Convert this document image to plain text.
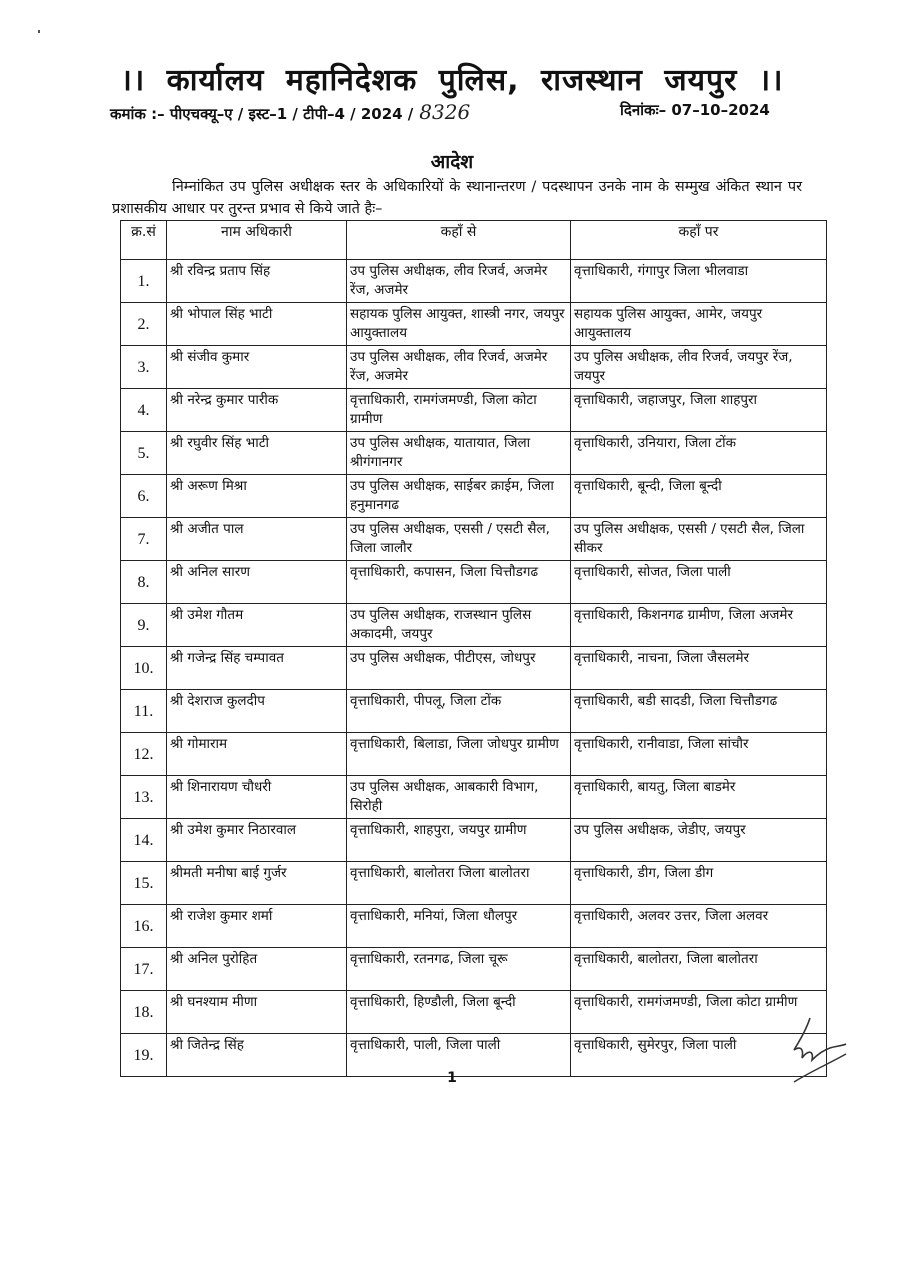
।। कार्यालय महानिदेशक पुलिस, राजस्थान जयपुर ।।
कमांक :– पीएचक्यू–ए / इस्ट–1 / टीपी–4 / 2024 / 8326	दिनांकः– 07–10–2024
आदेश
निम्नांकित उप पुलिस अधीक्षक स्तर के अधिकारियों के स्थानान्तरण / पदस्थापन उनके नाम के सम्मुख अंकित स्थान पर प्रशासकीय आधार पर तुरन्त प्रभाव से किये जाते हैः–
क्र.सं	नाम अधिकारी	कहाँ से	कहाँ पर
1.	श्री रविन्द्र प्रताप सिंह	उप पुलिस अधीक्षक, लीव रिजर्व, अजमेर रेंज, अजमेर	वृत्ताधिकारी, गंगापुर जिला भीलवाडा
2.	श्री भोपाल सिंह भाटी	सहायक पुलिस आयुक्त, शास्त्री नगर, जयपुर आयुक्तालय	सहायक पुलिस आयुक्त, आमेर, जयपुर आयुक्तालय
3.	श्री संजीव कुमार	उप पुलिस अधीक्षक, लीव रिजर्व, अजमेर रेंज, अजमेर	उप पुलिस अधीक्षक, लीव रिजर्व, जयपुर रेंज, जयपुर
4.	श्री नरेन्द्र कुमार पारीक	वृत्ताधिकारी, रामगंजमण्डी, जिला कोटा ग्रामीण	वृत्ताधिकारी, जहाजपुर, जिला शाहपुरा
5.	श्री रघुवीर सिंह भाटी	उप पुलिस अधीक्षक, यातायात, जिला श्रीगंगानगर	वृत्ताधिकारी, उनियारा, जिला टोंक
6.	श्री अरूण मिश्रा	उप पुलिस अधीक्षक, साईबर क्राईम, जिला हनुमानगढ	वृत्ताधिकारी, बून्दी, जिला बून्दी
7.	श्री अजीत पाल	उप पुलिस अधीक्षक, एससी / एसटी सैल, जिला जालौर	उप पुलिस अधीक्षक, एससी / एसटी सैल, जिला सीकर
8.	श्री अनिल सारण	वृत्ताधिकारी, कपासन, जिला चित्तौडगढ	वृत्ताधिकारी, सोजत, जिला पाली
9.	श्री उमेश गौतम	उप पुलिस अधीक्षक, राजस्थान पुलिस अकादमी, जयपुर	वृत्ताधिकारी, किशनगढ ग्रामीण, जिला अजमेर
10.	श्री गजेन्द्र सिंह चम्पावत	उप पुलिस अधीक्षक, पीटीएस, जोधपुर	वृत्ताधिकारी, नाचना, जिला जैसलमेर
11.	श्री देशराज कुलदीप	वृत्ताधिकारी, पीपलू, जिला टोंक	वृत्ताधिकारी, बडी सादडी, जिला चित्तौडगढ
12.	श्री गोमाराम	वृत्ताधिकारी, बिलाडा, जिला जोधपुर ग्रामीण	वृत्ताधिकारी, रानीवाडा, जिला सांचौर
13.	श्री शिनारायण चौधरी	उप पुलिस अधीक्षक, आबकारी विभाग, सिरोही	वृत्ताधिकारी, बायतु, जिला बाडमेर
14.	श्री उमेश कुमार निठारवाल	वृत्ताधिकारी, शाहपुरा, जयपुर ग्रामीण	उप पुलिस अधीक्षक, जेडीए, जयपुर
15.	श्रीमती मनीषा बाई गुर्जर	वृत्ताधिकारी, बालोतरा जिला बालोतरा	वृत्ताधिकारी, डीग, जिला डीग
16.	श्री राजेश कुमार शर्मा	वृत्ताधिकारी, मनियां, जिला धौलपुर	वृत्ताधिकारी, अलवर उत्तर, जिला अलवर
17.	श्री अनिल पुरोहित	वृत्ताधिकारी, रतनगढ, जिला चूरू	वृत्ताधिकारी, बालोतरा, जिला बालोतरा
18.	श्री घनश्याम मीणा	वृत्ताधिकारी, हिण्डौली, जिला बून्दी	वृत्ताधिकारी, रामगंजमण्डी, जिला कोटा ग्रामीण
19.	श्री जितेन्द्र सिंह	वृत्ताधिकारी, पाली, जिला पाली	वृत्ताधिकारी, सुमेरपुर, जिला पाली
1
